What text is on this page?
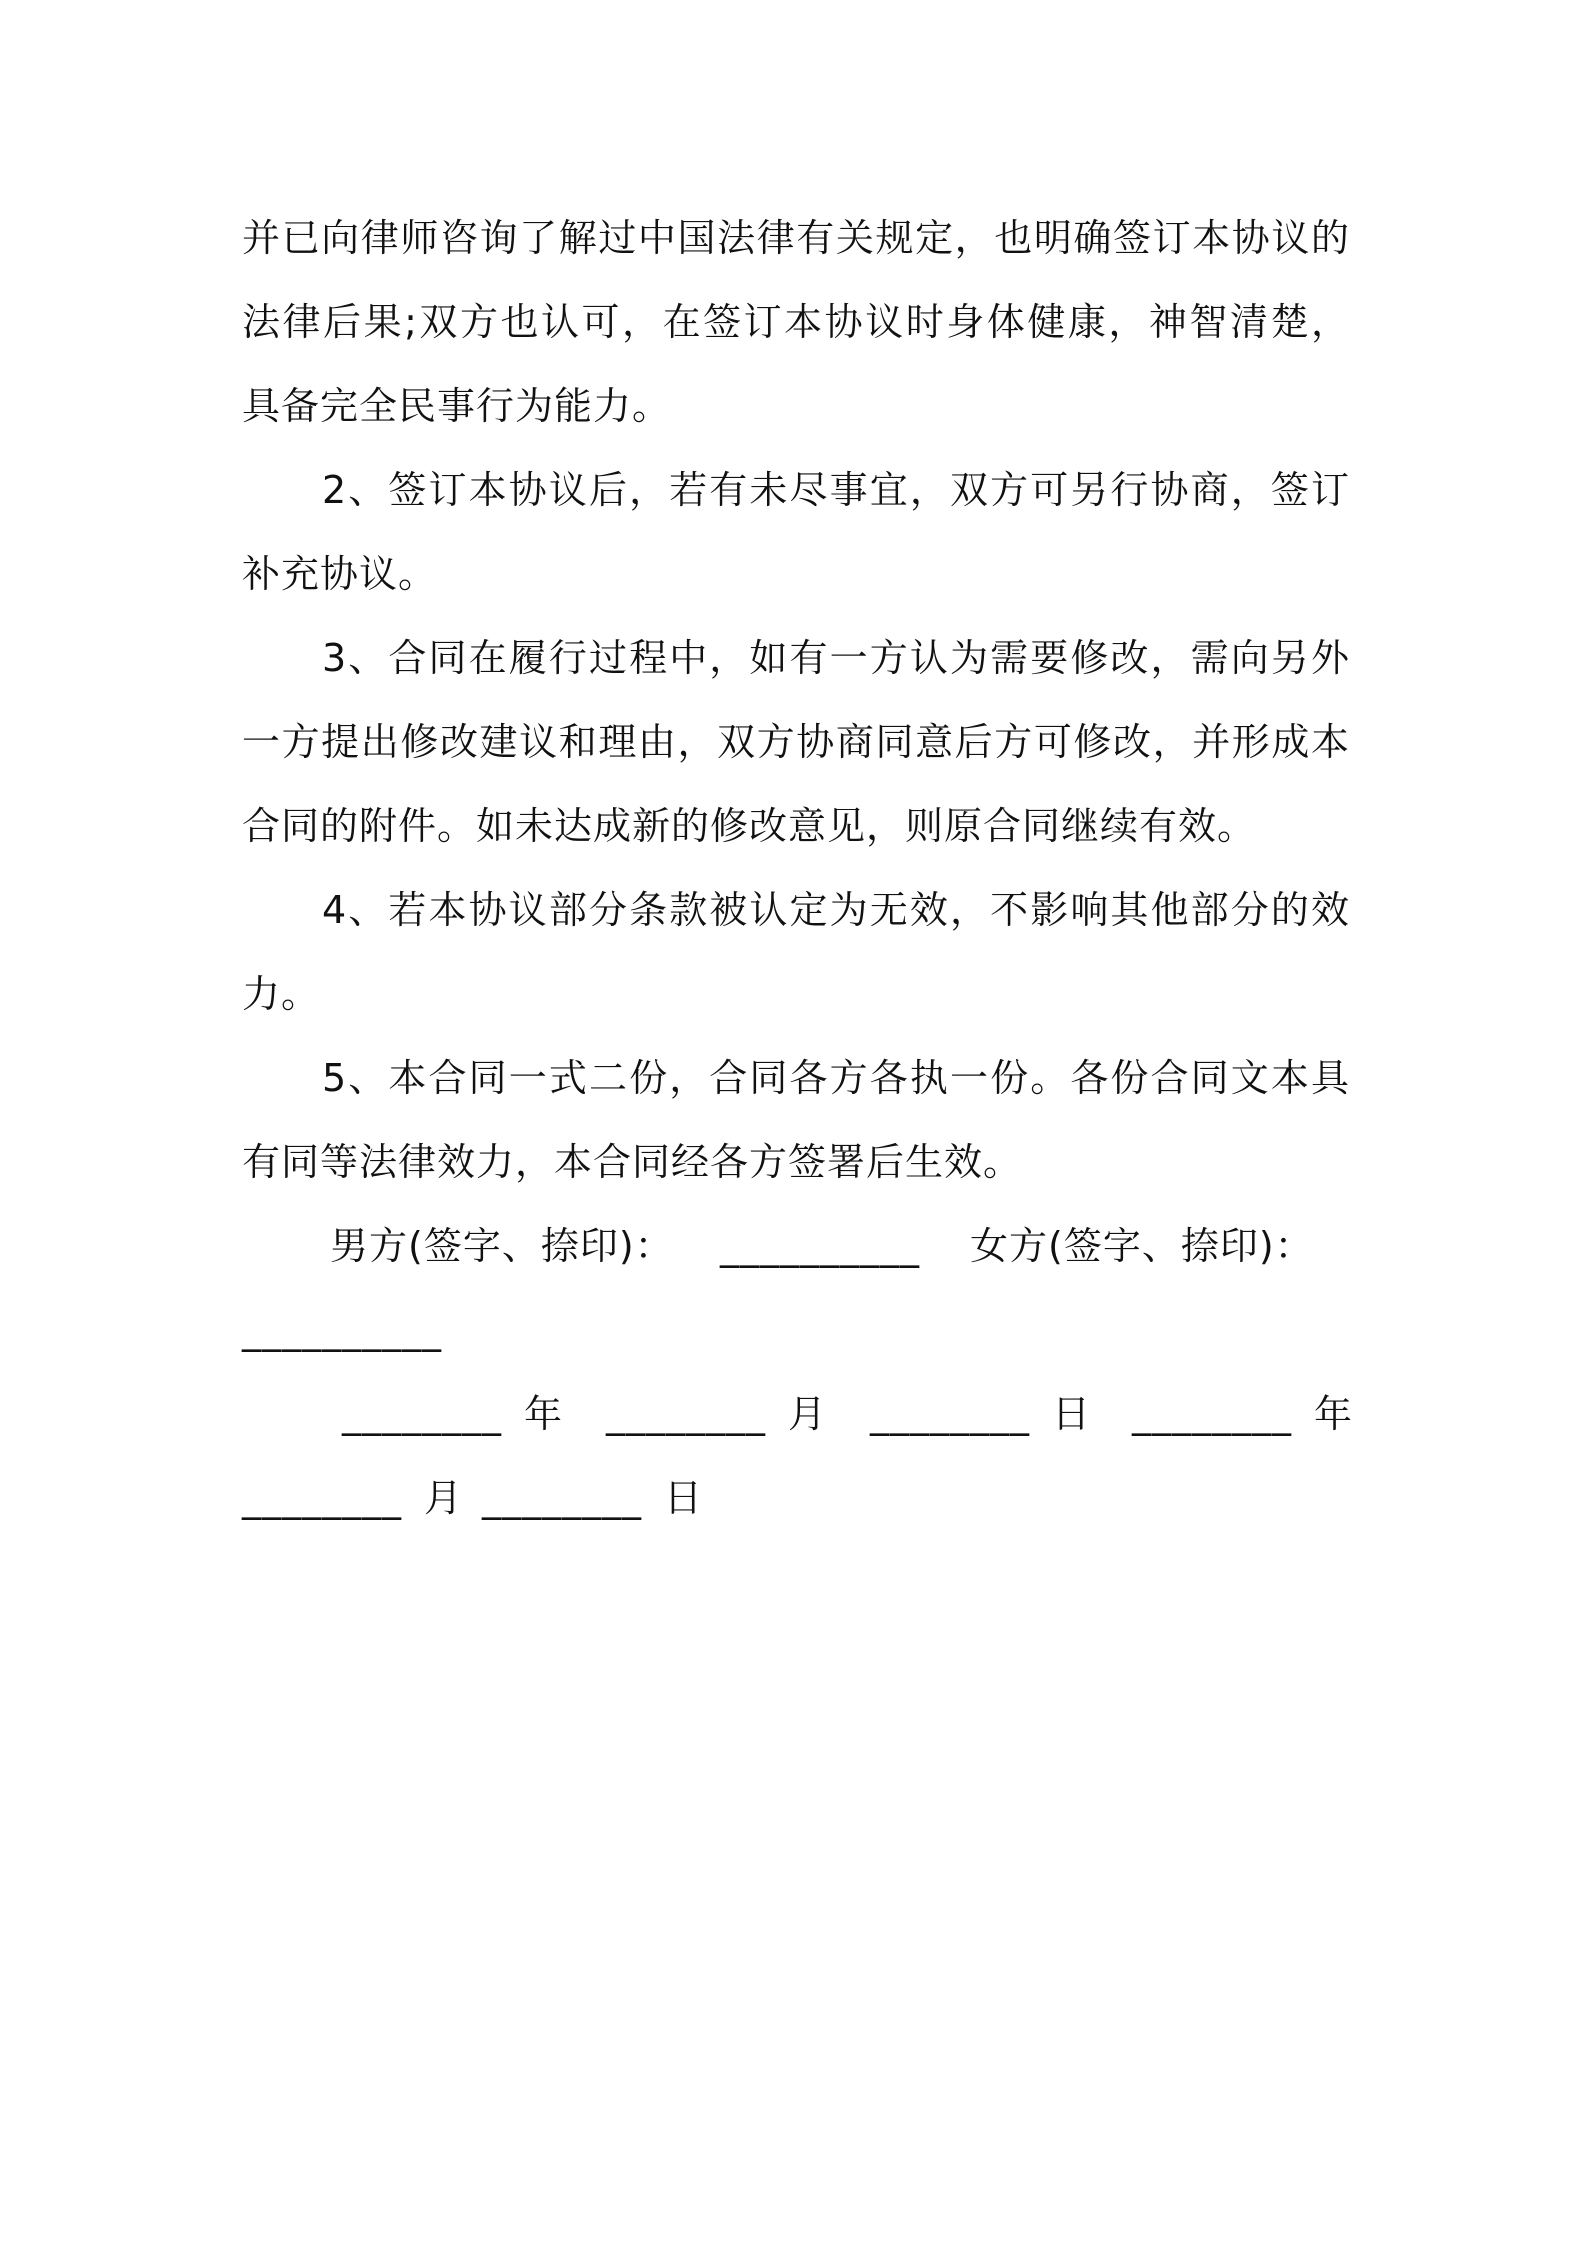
并已向律师咨询了解过中国法律有关规定，也明确签订本协议的
法律后果;双方也认可，在签订本协议时身体健康，神智清楚，
具备完全民事行为能力。
2、签订本协议后，若有未尽事宜，双方可另行协商，签订
补充协议。
3、合同在履行过程中，如有一方认为需要修改，需向另外
一方提出修改建议和理由，双方协商同意后方可修改，并形成本
合同的附件。如未达成新的修改意见，则原合同继续有效。
4、若本协议部分条款被认定为无效，不影响其他部分的效
力。
5、本合同一式二份，合同各方各执一份。各份合同文本具
有同等法律效力，本合同经各方签署后生效。
男方(签字、捺印)： __________ 女方(签字、捺印)：
__________
________ 年 ________ 月 ________ 日 ________ 年
________ 月 ________ 日
